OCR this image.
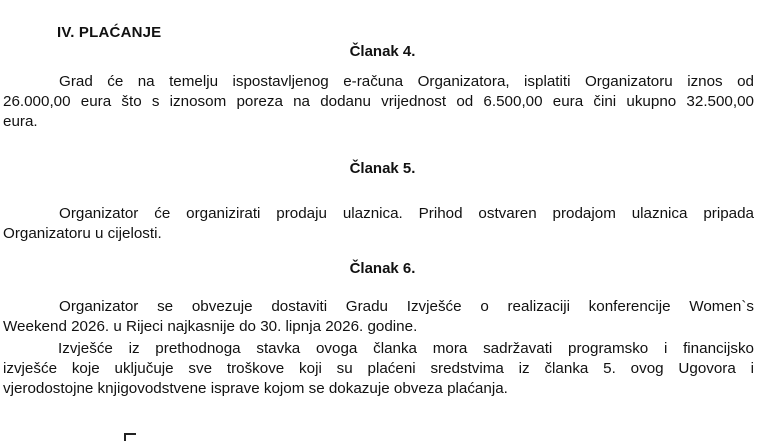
IV. PLAĆANJE
Članak 4.
Grad će na temelju ispostavljenog e-računa Organizatora, isplatiti Organizatoru iznos od
26.000,00 eura što s iznosom poreza na dodanu vrijednost od 6.500,00 eura čini ukupno 32.500,00
eura.
Članak 5.
Organizator će organizirati prodaju ulaznica. Prihod ostvaren prodajom ulaznica pripada
Organizatoru u cijelosti.
Članak 6.
Organizator se obvezuje dostaviti Gradu Izvješće o realizaciji konferencije Women`s
Weekend 2026. u Rijeci najkasnije do 30. lipnja 2026. godine.
Izvješće iz prethodnoga stavka ovoga članka mora sadržavati programsko i financijsko
izvješće koje uključuje sve troškove koji su plaćeni sredstvima iz članka 5. ovog Ugovora i
vjerodostojne knjigovodstvene isprave kojom se dokazuje obveza plaćanja.
